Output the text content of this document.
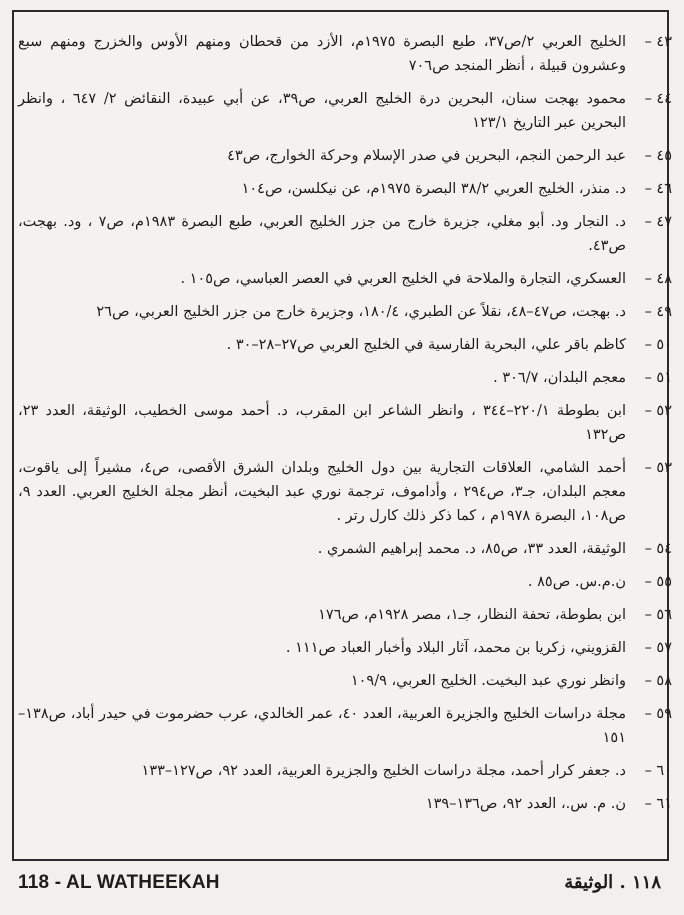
٤٣ –
الخليج العربي ٢/ص٣٧، طبع البصرة ١٩٧٥م، الأزد من قحطان ومنهم الأوس والخزرج ومنهم سبع وعشرون قبيلة ، أنظر المنجد ص٧٠٦
٤٤ –
محمود بهجت سنان، البحرين درة الخليج العربي، ص٣٩، عن أبي عبيدة، النقائض ٢/ ٦٤٧ ، وانظر البحرين عبر التاريخ ١٢٣/١
٤٥ –
عبد الرحمن النجم، البحرين في صدر الإسلام وحركة الخوارج، ص٤٣
٤٦ –
د. منذر، الخليج العربي ٣٨/٢ البصرة ١٩٧٥م، عن نيكلسن، ص١٠٤
٤٧ –
د. النجار ود. أبو مغلي، جزيرة خارج من جزر الخليج العربي، طبع البصرة ١٩٨٣م، ص٧ ، ود. بهجت، ص٤٣.
٤٨ –
العسكري، التجارة والملاحة في الخليج العربي في العصر العباسي، ص١٠٥ .
٤٩ –
د. بهجت، ص٤٧–٤٨، نقلاً عن الطبري، ١٨٠/٤، وجزيرة خارج من جزر الخليج العربي، ص٢٦
٥٠ –
كاظم باقر علي، البحرية الفارسية في الخليج العربي ص٢٧–٢٨–٣٠ .
٥١ –
معجم البلدان، ٣٠٦/٧ .
٥٢ –
ابن بطوطة ٢٢٠/١–٣٤٤ ، وانظر الشاعر ابن المقرب، د. أحمد موسى الخطيب، الوثيقة، العدد ٢٣، ص١٣٢
٥٣ –
أحمد الشامي، العلاقات التجارية بين دول الخليج وبلدان الشرق الأقصى، ص٤، مشيراً إلى ياقوت، معجم البلدان، جـ٣، ص٢٩٤ ، وأداموف، ترجمة نوري عبد البخيت، أنظر مجلة الخليج العربي. العدد ٩، ص١٠٨، البصرة ١٩٧٨م ، كما ذكر ذلك كارل رتر .
٥٤ –
الوثيقة، العدد ٣٣، ص٨٥، د. محمد إبراهيم الشمري .
٥٥ –
ن.م.س. ص٨٥ .
٥٦ –
ابن بطوطة، تحفة النظار، جـ١، مصر ١٩٢٨م، ص١٧٦
٥٧ –
القزويني، زكريا بن محمد، آثار البلاد وأخبار العباد ص١١١ .
٥٨ –
وانظر نوري عبد البخيت. الخليج العربي، ١٠٩/٩
٥٩ –
مجلة دراسات الخليج والجزيرة العربية، العدد ٤٠، عمر الخالدي، عرب حضرموت في حيدر أباد، ص١٣٨–١٥١
٦٠ –
د. جعفر كرار أحمد، مجلة دراسات الخليج والجزيرة العربية، العدد ٩٢، ص١٢٧–١٣٣
٦١ –
ن. م. س.، العدد ٩٢، ص١٣٦–١٣٩
118 - AL WATHEEKAH	١١٨ . الوثيقة
